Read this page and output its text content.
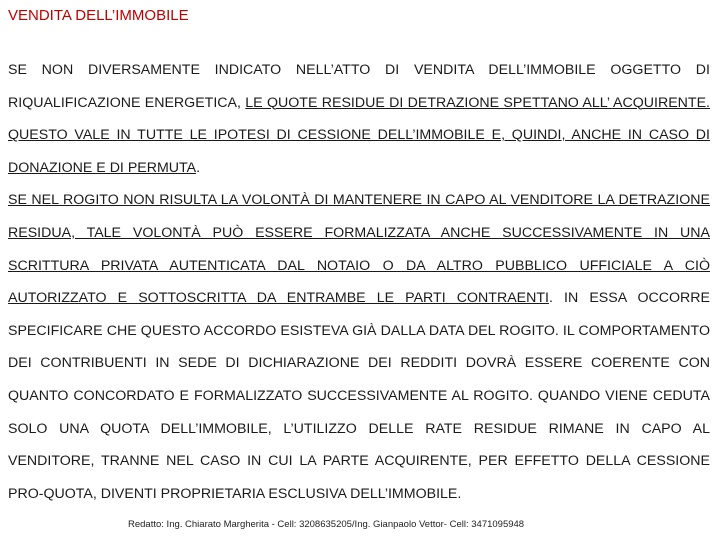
VENDITA DELL’IMMOBILE

SE NON DIVERSAMENTE INDICATO NELL’ATTO DI VENDITA DELL’IMMOBILE OGGETTO DI RIQUALIFICAZIONE ENERGETICA, LE QUOTE RESIDUE DI DETRAZIONE SPETTANO ALL’ ACQUIRENTE. QUESTO VALE IN TUTTE LE IPOTESI DI CESSIONE DELL’IMMOBILE E, QUINDI, ANCHE IN CASO DI DONAZIONE E DI PERMUTA.
SE NEL ROGITO NON RISULTA LA VOLONTÀ DI MANTENERE IN CAPO AL VENDITORE LA DETRAZIONE RESIDUA, TALE VOLONTÀ PUÒ ESSERE FORMALIZZATA ANCHE SUCCESSIVAMENTE IN UNA SCRITTURA PRIVATA AUTENTICATA DAL NOTAIO O DA ALTRO PUBBLICO UFFICIALE A CIÒ AUTORIZZATO E SOTTOSCRITTA DA ENTRAMBE LE PARTI CONTRAENTI. IN ESSA OCCORRE SPECIFICARE CHE QUESTO ACCORDO ESISTEVA GIÀ DALLA DATA DEL ROGITO. IL COMPORTAMENTO DEI CONTRIBUENTI IN SEDE DI DICHIARAZIONE DEI REDDITI DOVRÀ ESSERE COERENTE CON QUANTO CONCORDATO E FORMALIZZATO SUCCESSIVAMENTE AL ROGITO. QUANDO VIENE CEDUTA SOLO UNA QUOTA DELL’IMMOBILE, L’UTILIZZO DELLE RATE RESIDUE RIMANE IN CAPO AL VENDITORE, TRANNE NEL CASO IN CUI LA PARTE ACQUIRENTE, PER EFFETTO DELLA CESSIONE PRO-QUOTA, DIVENTI PROPRIETARIA ESCLUSIVA DELL’IMMOBILE.

Redatto: Ing. Chiarato Margherita - Cell: 3208635205/Ing. Gianpaolo Vettor- Cell: 3471095948
